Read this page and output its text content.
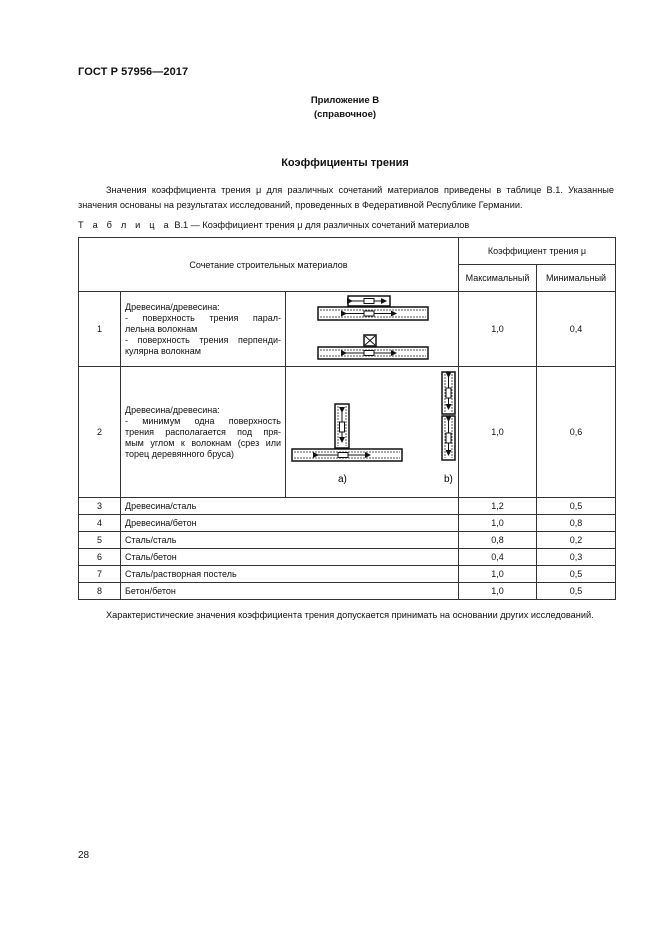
ГОСТ Р 57956—2017
Приложение В
(справочное)
Коэффициенты трения
Значения коэффициента трения μ для различных сочетаний материалов приведены в таблице В.1. Указанные значения основаны на результатах исследований, проведенных в Федеративной Республике Германии.
Т а б л и ц а В.1 — Коэффициент трения μ для различных сочетаний материалов
Сочетание строительных материалов			Коэффициент трения μ	
			Максимальный	Минимальный
1	Древесина/древесина:
- поверхность трения парал-
лельна волокнам
- поверхность трения перпенди-
кулярна волокнам		1,0	0,4
2	Древесина/древесина:
- минимум одна поверхность
трения располагается под пря-
мым углом к волокнам (срез или
торец деревянного бруса)	a) b)	1,0	0,6
3	Древесина/сталь		1,2	0,5
4	Древесина/бетон		1,0	0,8
5	Сталь/сталь		0,8	0,2
6	Сталь/бетон		0,4	0,3
7	Сталь/растворная постель		1,0	0,5
8	Бетон/бетон		1,0	0,5
Характеристические значения коэффициента трения допускается принимать на основании других исследований.
28
